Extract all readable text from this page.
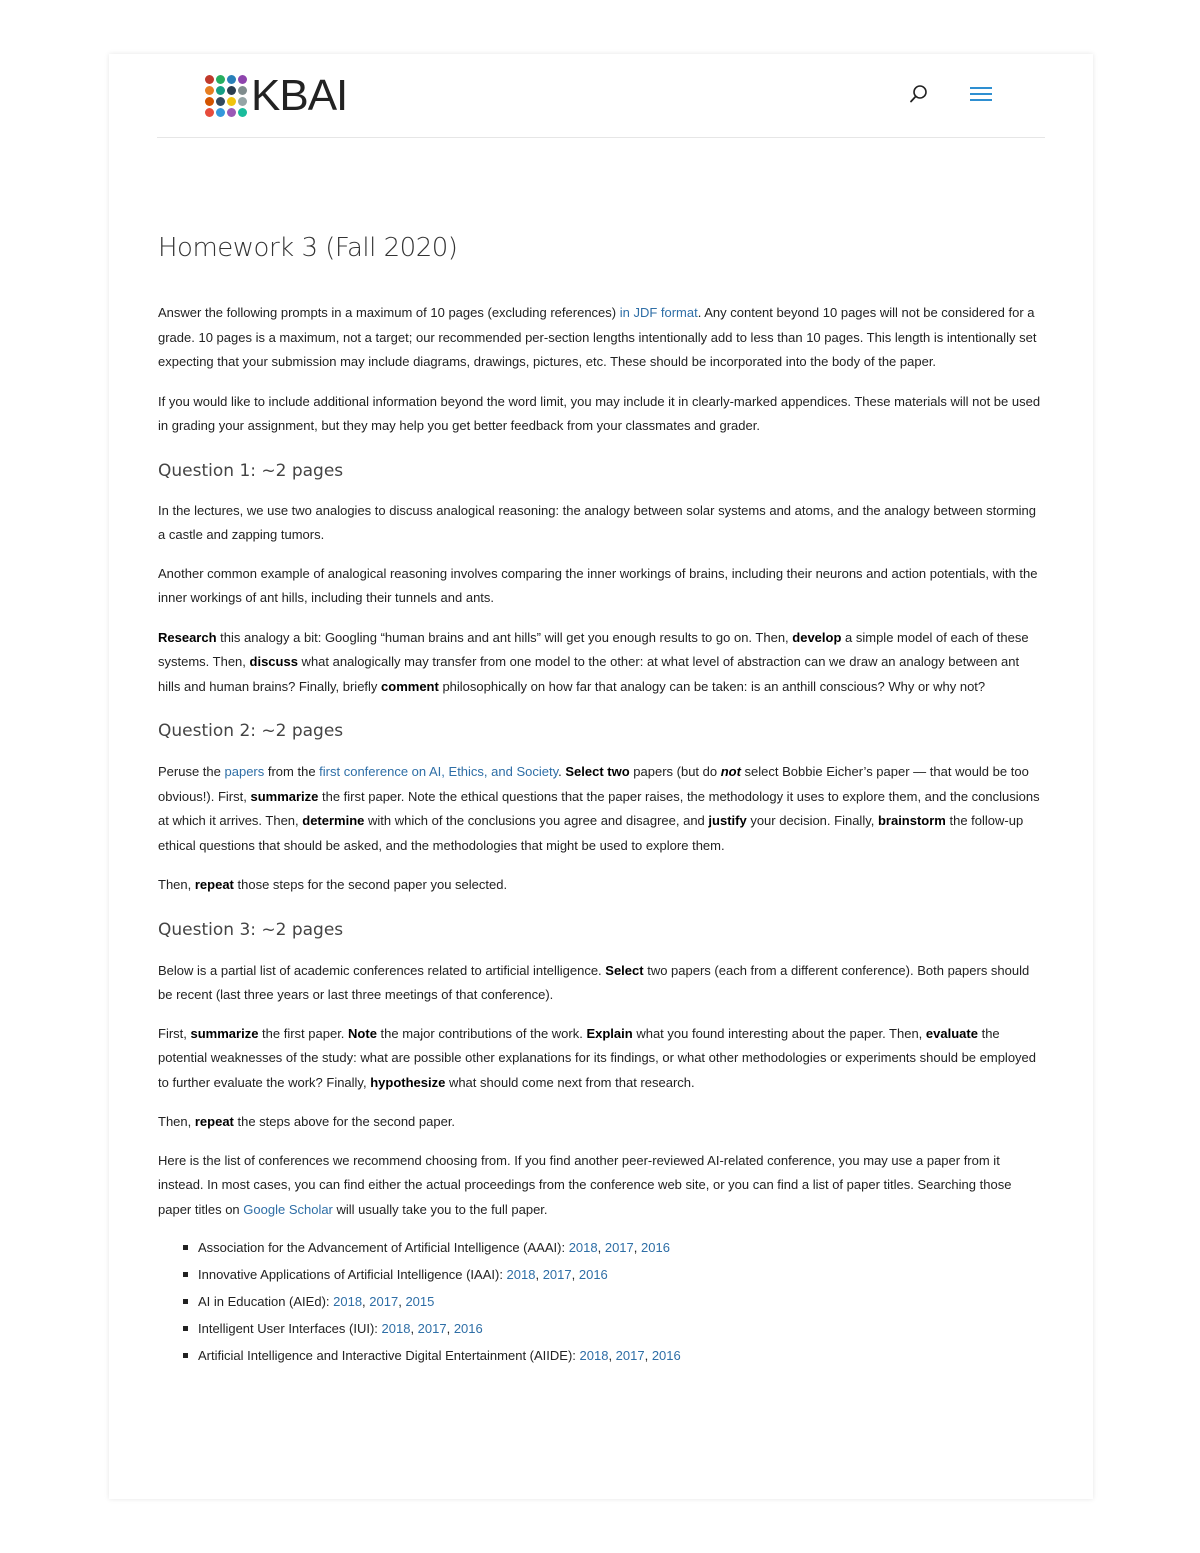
KBAI
Homework 3 (Fall 2020)

Answer the following prompts in a maximum of 10 pages (excluding references) in JDF format. Any content beyond 10 pages will not be considered for a grade. 10 pages is a maximum, not a target; our recommended per-section lengths intentionally add to less than 10 pages. This length is intentionally set expecting that your submission may include diagrams, drawings, pictures, etc. These should be incorporated into the body of the paper.

If you would like to include additional information beyond the word limit, you may include it in clearly-marked appendices. These materials will not be used in grading your assignment, but they may help you get better feedback from your classmates and grader.

Question 1: ~2 pages

In the lectures, we use two analogies to discuss analogical reasoning: the analogy between solar systems and atoms, and the analogy between storming a castle and zapping tumors.

Another common example of analogical reasoning involves comparing the inner workings of brains, including their neurons and action potentials, with the inner workings of ant hills, including their tunnels and ants.

Research this analogy a bit: Googling “human brains and ant hills” will get you enough results to go on. Then, develop a simple model of each of these systems. Then, discuss what analogically may transfer from one model to the other: at what level of abstraction can we draw an analogy between ant hills and human brains? Finally, briefly comment philosophically on how far that analogy can be taken: is an anthill conscious? Why or why not?

Question 2: ~2 pages

Peruse the papers from the first conference on AI, Ethics, and Society. Select two papers (but do not select Bobbie Eicher’s paper — that would be too obvious!). First, summarize the first paper. Note the ethical questions that the paper raises, the methodology it uses to explore them, and the conclusions at which it arrives. Then, determine with which of the conclusions you agree and disagree, and justify your decision. Finally, brainstorm the follow-up ethical questions that should be asked, and the methodologies that might be used to explore them.

Then, repeat those steps for the second paper you selected.

Question 3: ~2 pages

Below is a partial list of academic conferences related to artificial intelligence. Select two papers (each from a different conference). Both papers should be recent (last three years or last three meetings of that conference).

First, summarize the first paper. Note the major contributions of the work. Explain what you found interesting about the paper. Then, evaluate the potential weaknesses of the study: what are possible other explanations for its findings, or what other methodologies or experiments should be employed to further evaluate the work? Finally, hypothesize what should come next from that research.

Then, repeat the steps above for the second paper.

Here is the list of conferences we recommend choosing from. If you find another peer-reviewed AI-related conference, you may use a paper from it instead. In most cases, you can find either the actual proceedings from the conference web site, or you can find a list of paper titles. Searching those paper titles on Google Scholar will usually take you to the full paper.

Association for the Advancement of Artificial Intelligence (AAAI): 2018, 2017, 2016
Innovative Applications of Artificial Intelligence (IAAI): 2018, 2017, 2016
AI in Education (AIEd): 2018, 2017, 2015
Intelligent User Interfaces (IUI): 2018, 2017, 2016
Artificial Intelligence and Interactive Digital Entertainment (AIIDE): 2018, 2017, 2016
